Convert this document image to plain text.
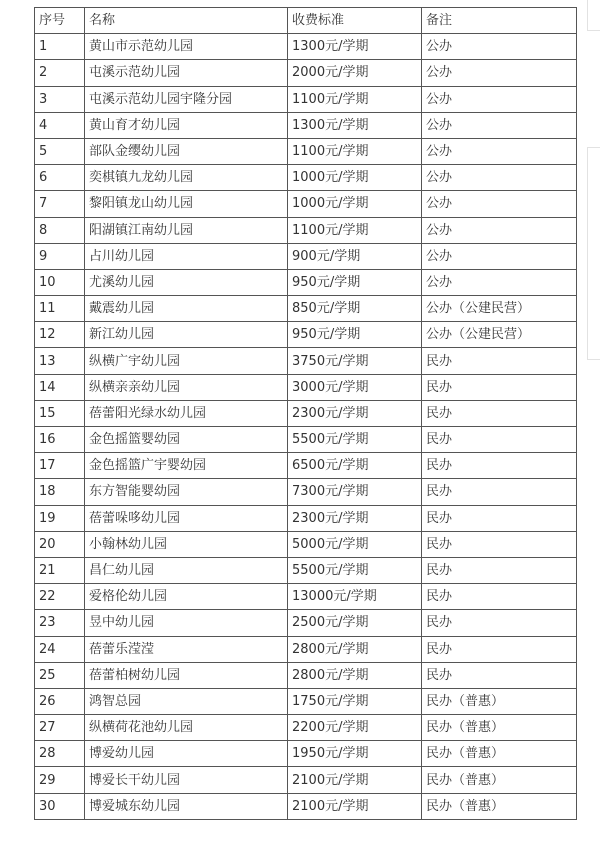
序号	名称	收费标准	备注
1	黄山市示范幼儿园	1300元/学期	公办
2	屯溪示范幼儿园	2000元/学期	公办
3	屯溪示范幼儿园宇隆分园	1100元/学期	公办
4	黄山育才幼儿园	1300元/学期	公办
5	部队金缨幼儿园	1100元/学期	公办
6	奕棋镇九龙幼儿园	1000元/学期	公办
7	黎阳镇龙山幼儿园	1000元/学期	公办
8	阳湖镇江南幼儿园	1100元/学期	公办
9	占川幼儿园	900元/学期	公办
10	尤溪幼儿园	950元/学期	公办
11	戴震幼儿园	850元/学期	公办（公建民营）
12	新江幼儿园	950元/学期	公办（公建民营）
13	纵横广宇幼儿园	3750元/学期	民办
14	纵横亲亲幼儿园	3000元/学期	民办
15	蓓蕾阳光绿水幼儿园	2300元/学期	民办
16	金色摇篮婴幼园	5500元/学期	民办
17	金色摇篮广宇婴幼园	6500元/学期	民办
18	东方智能婴幼园	7300元/学期	民办
19	蓓蕾哚哆幼儿园	2300元/学期	民办
20	小翰林幼儿园	5000元/学期	民办
21	昌仁幼儿园	5500元/学期	民办
22	爱格伦幼儿园	13000元/学期	民办
23	昱中幼儿园	2500元/学期	民办
24	蓓蕾乐滢滢	2800元/学期	民办
25	蓓蕾柏树幼儿园	2800元/学期	民办
26	鸿智总园	1750元/学期	民办（普惠）
27	纵横荷花池幼儿园	2200元/学期	民办（普惠）
28	博爱幼儿园	1950元/学期	民办（普惠）
29	博爱长干幼儿园	2100元/学期	民办（普惠）
30	博爱城东幼儿园	2100元/学期	民办（普惠）
